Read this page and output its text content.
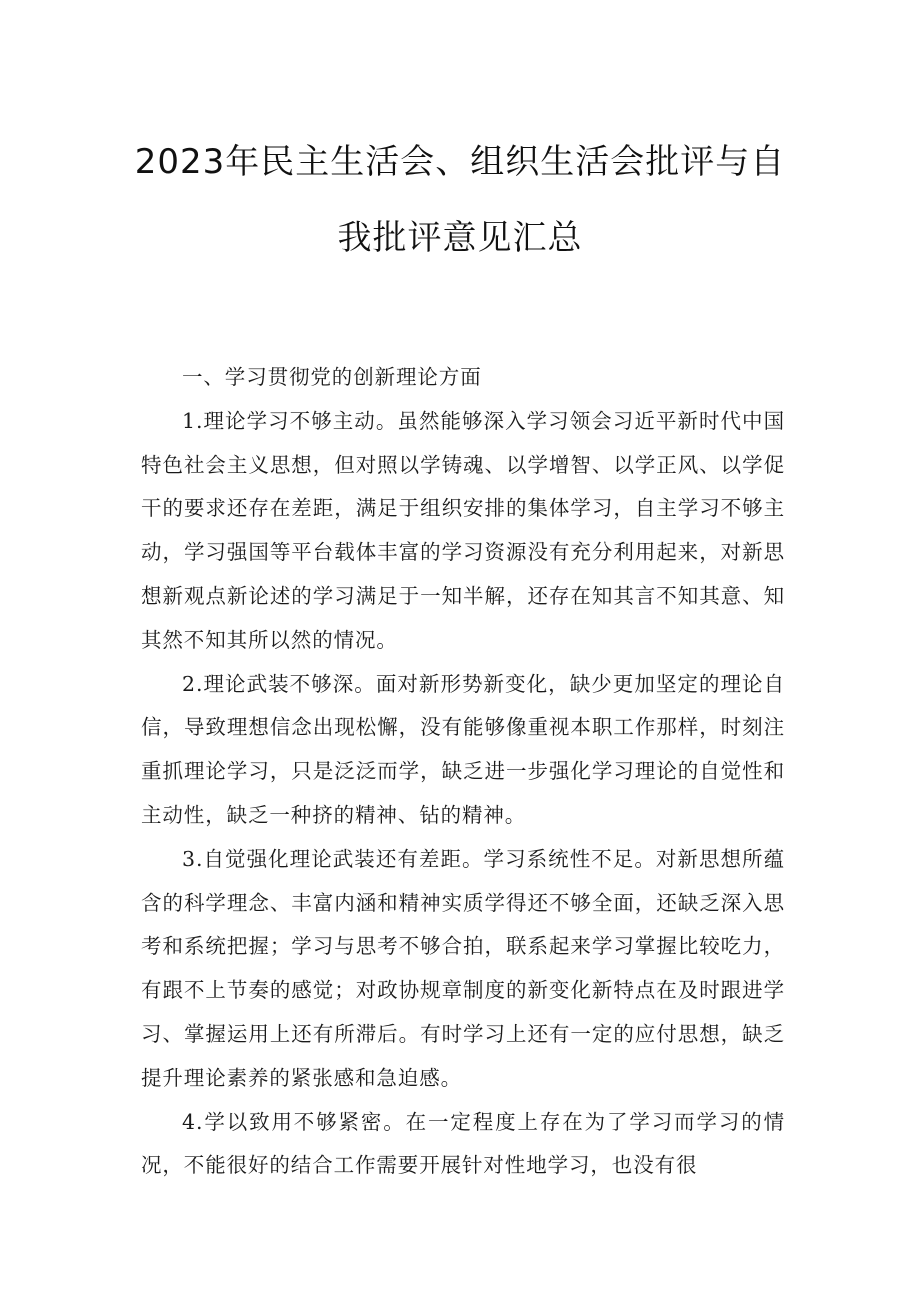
2023年民主生活会、组织生活会批评与自
我批评意见汇总

一、学习贯彻党的创新理论方面

1.理论学习不够主动。虽然能够深入学习领会习近平新时代中国特色社会主义思想，但对照以学铸魂、以学增智、以学正风、以学促干的要求还存在差距，满足于组织安排的集体学习，自主学习不够主动，学习强国等平台载体丰富的学习资源没有充分利用起来，对新思想新观点新论述的学习满足于一知半解，还存在知其言不知其意、知其然不知其所以然的情况。

2.理论武装不够深。面对新形势新变化，缺少更加坚定的理论自信，导致理想信念出现松懈，没有能够像重视本职工作那样，时刻注重抓理论学习，只是泛泛而学，缺乏进一步强化学习理论的自觉性和主动性，缺乏一种挤的精神、钻的精神。

3.自觉强化理论武装还有差距。学习系统性不足。对新思想所蕴含的科学理念、丰富内涵和精神实质学得还不够全面，还缺乏深入思考和系统把握；学习与思考不够合拍，联系起来学习掌握比较吃力，有跟不上节奏的感觉；对政协规章制度的新变化新特点在及时跟进学习、掌握运用上还有所滞后。有时学习上还有一定的应付思想，缺乏提升理论素养的紧张感和急迫感。

4.学以致用不够紧密。在一定程度上存在为了学习而学习的情况，不能很好的结合工作需要开展针对性地学习，也没有很
